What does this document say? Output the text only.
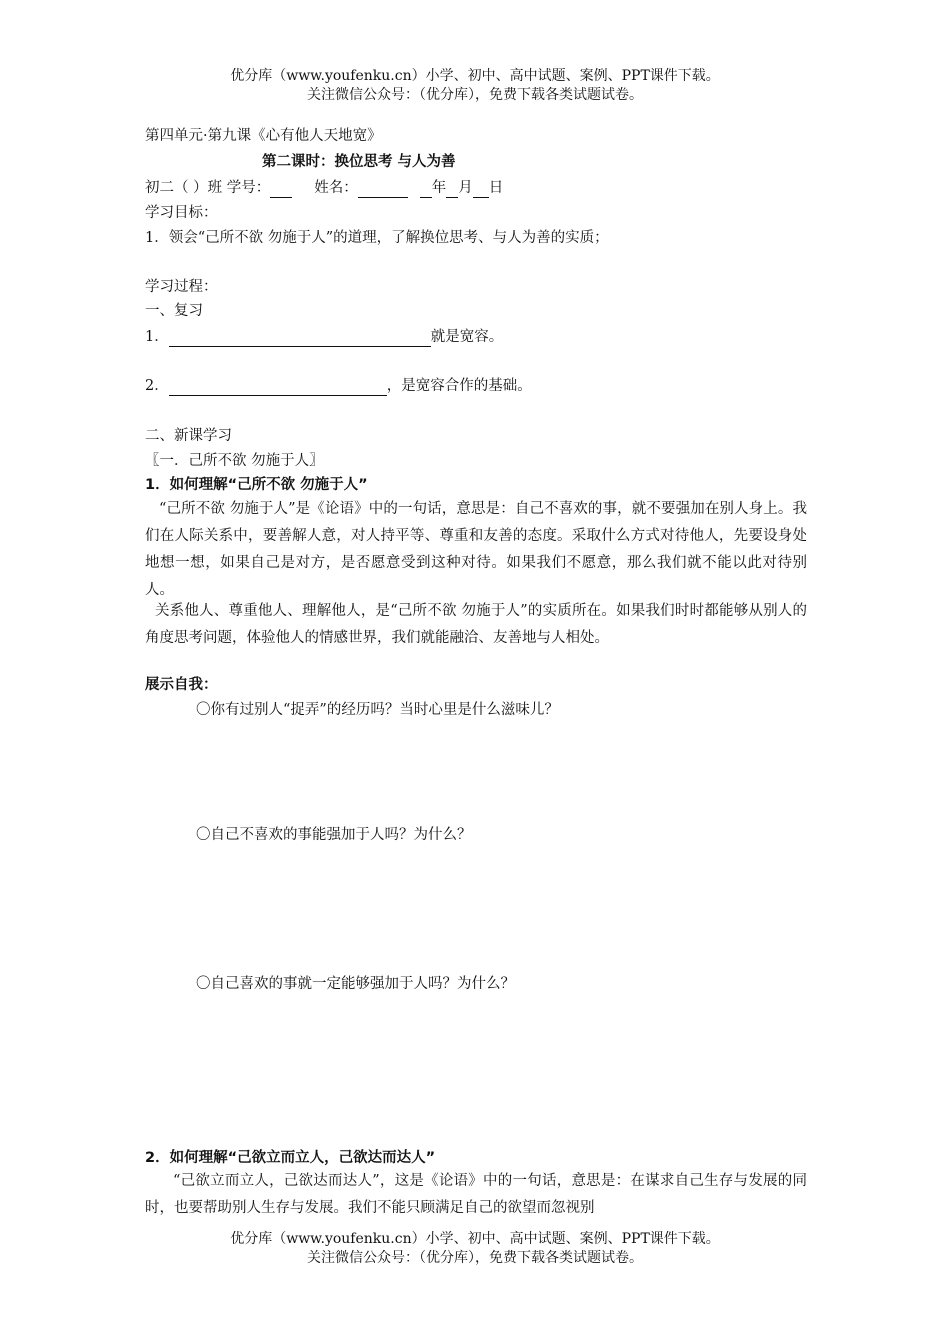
优分库（www.youfenku.cn）小学、初中、高中试题、案例、PPT课件下载。
关注微信公众号：（优分库），免费下载各类试题试卷。
第四单元·第九课《心有他人天地宽》
第二课时：换位思考 与人为善
初二（ ）班 学号：	姓名：	年 月 日
学习目标：
1．领会“己所不欲 勿施于人”的道理，了解换位思考、与人为善的实质；
学习过程：
一、复习
1．	就是宽容。
2．	，是宽容合作的基础。
二、新课学习
〖一．己所不欲 勿施于人〗
1．如何理解“己所不欲 勿施于人”
“己所不欲 勿施于人”是《论语》中的一句话，意思是：自己不喜欢的事，就不要强加在别人身上。我们在人际关系中，要善解人意，对人持平等、尊重和友善的态度。采取什么方式对待他人，先要设身处地想一想，如果自己是对方，是否愿意受到这种对待。如果我们不愿意，那么我们就不能以此对待别人。
关系他人、尊重他人、理解他人，是“己所不欲 勿施于人”的实质所在。如果我们时时都能够从别人的角度思考问题，体验他人的情感世界，我们就能融洽、友善地与人相处。
展示自我：
〇你有过别人“捉弄”的经历吗？当时心里是什么滋味儿？
〇自己不喜欢的事能强加于人吗？为什么？
〇自己喜欢的事就一定能够强加于人吗？为什么？
2．如何理解“己欲立而立人，己欲达而达人”
“己欲立而立人，己欲达而达人”，这是《论语》中的一句话，意思是：在谋求自己生存与发展的同时，也要帮助别人生存与发展。我们不能只顾满足自己的欲望而忽视别
优分库（www.youfenku.cn）小学、初中、高中试题、案例、PPT课件下载。
关注微信公众号：（优分库），免费下载各类试题试卷。
